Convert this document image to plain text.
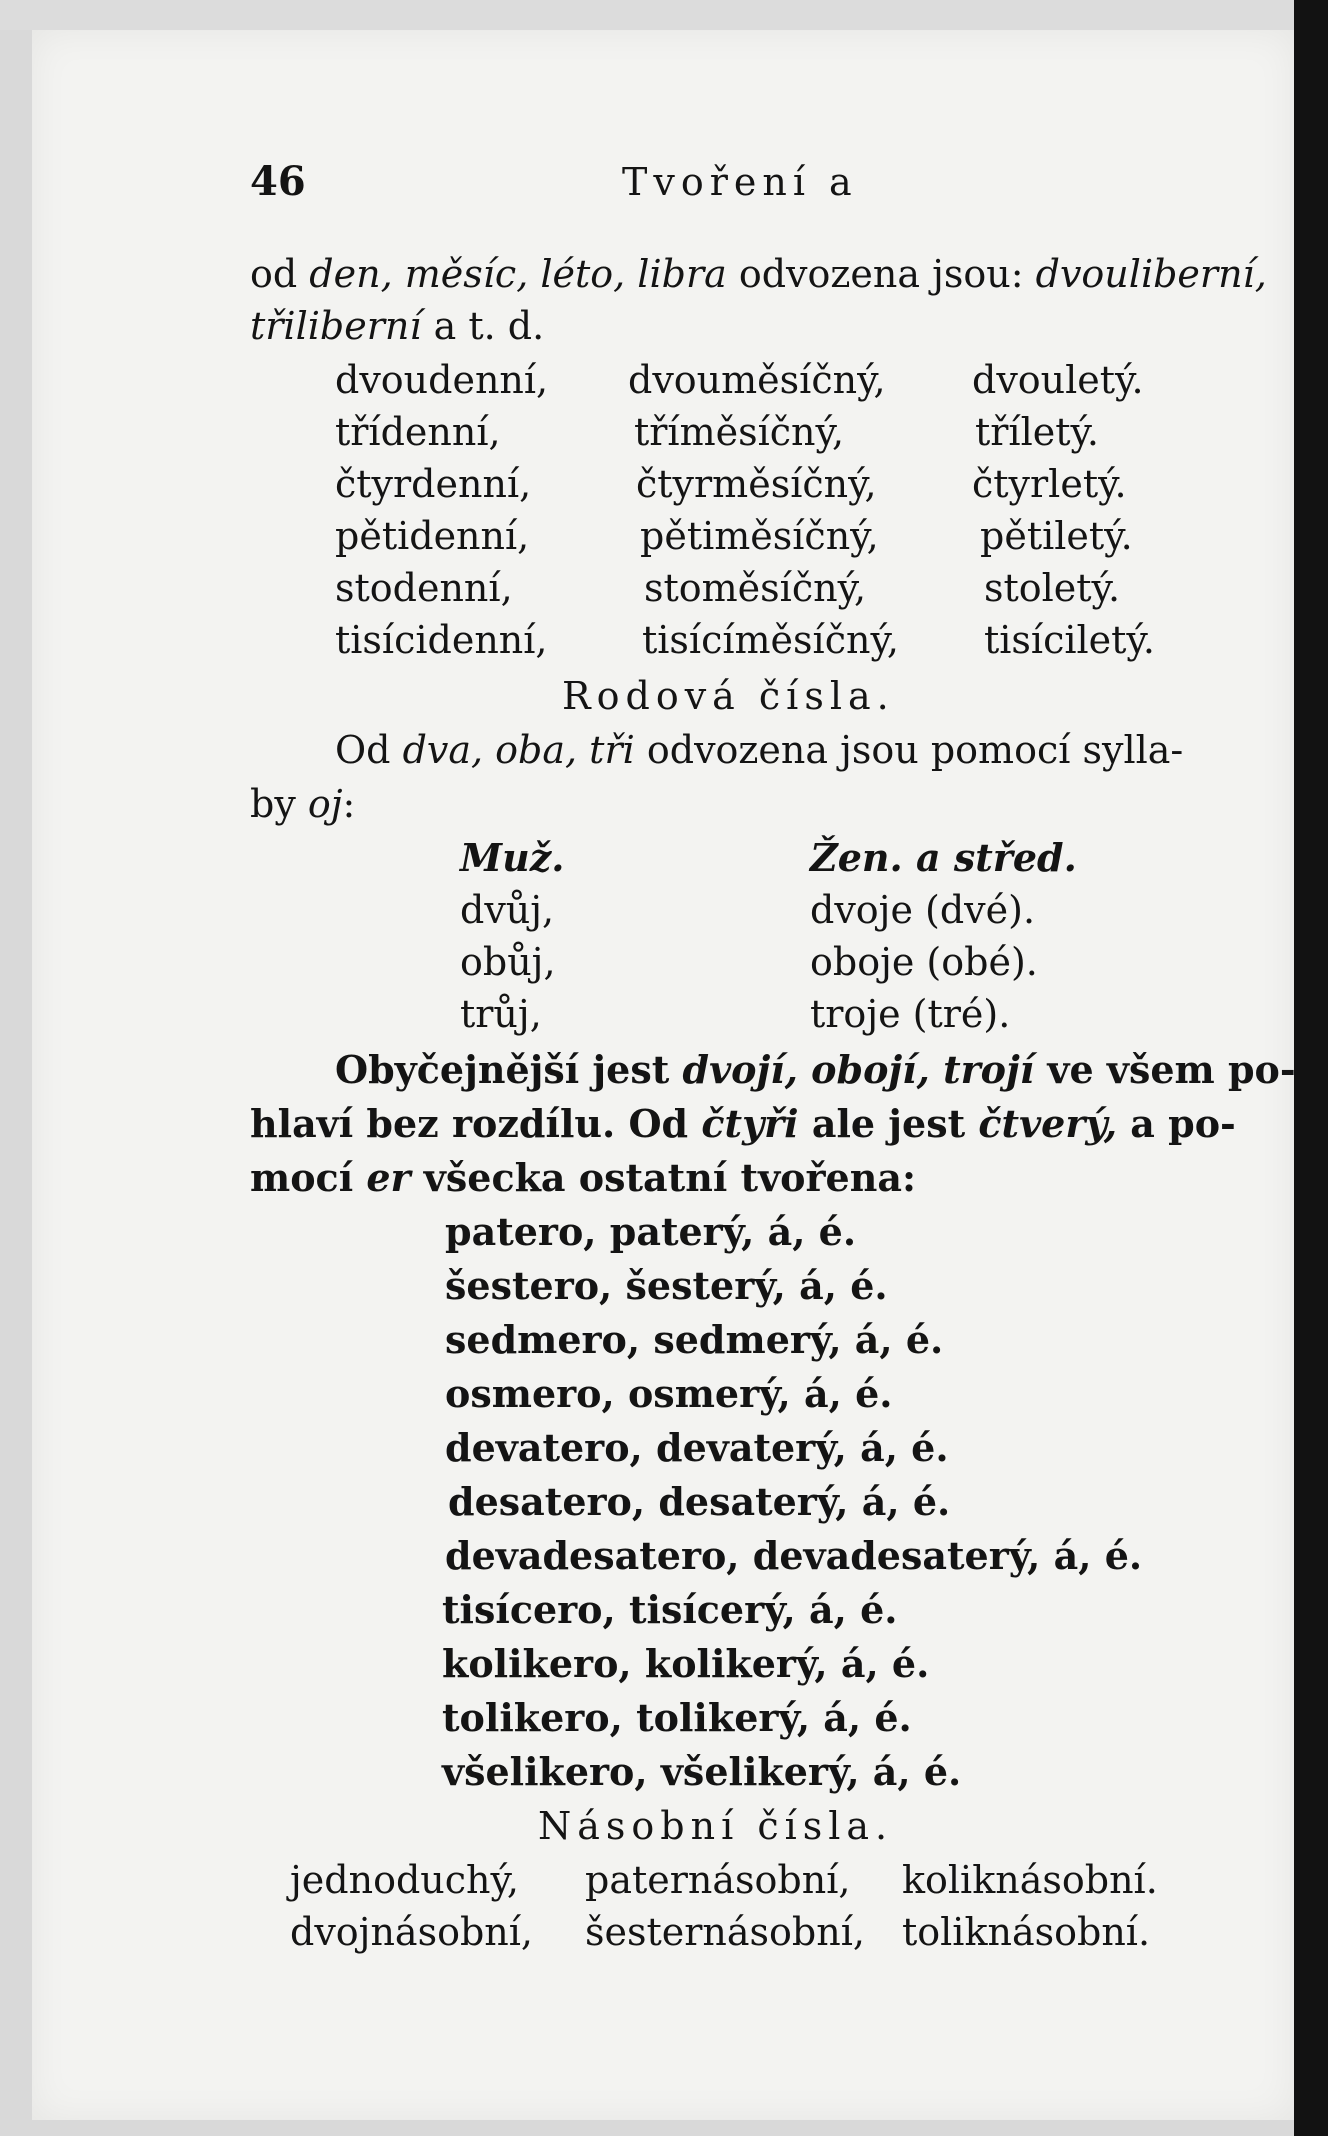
46	Tvoření a
od den, měsíc, léto, libra odvozena jsou: dvouliberní,
třiliberní a t. d.
dvoudenní, dvouměsíčný, dvouletý.
třídenní,	tříměsíčný,	tříletý.
čtyrdenní,	čtyrměsíčný,	čtyrletý.
pětidenní,	pětiměsíčný,	pětiletý.
stodenní,	stoměsíčný,	stoletý.
tisícidenní, tisícíměsíčný, tisíciletý.
Rodová čísla.
Od dva, oba, tři odvozena jsou pomocí sylla-
by oj:
Muž.	Žen. a střed.
dvůj,	dvoje (dvé).
obůj,	oboje (obé).
trůj,	troje (tré).
Obyčejnější jest dvojí, obojí, trojí ve všem po-
hlaví bez rozdílu. Od čtyři ale jest čtverý, a po-
mocí er všecka ostatní tvořena:
patero, paterý, á, é.
šestero, šesterý, á, é.
sedmero, sedmerý, á, é.
osmero, osmerý, á, é.
devatero, devaterý, á, é.
desatero, desaterý, á, é.
devadesatero, devadesaterý, á, é.
tisícero, tisícerý, á, é.
kolikero, kolikerý, á, é.
tolikero, tolikerý, á, é.
všelikero, všelikerý, á, é.
Násobní čísla.
jednoduchý, paternásobní, koliknásobní.
dvojnásobní, šesternásobní, toliknásobní.
